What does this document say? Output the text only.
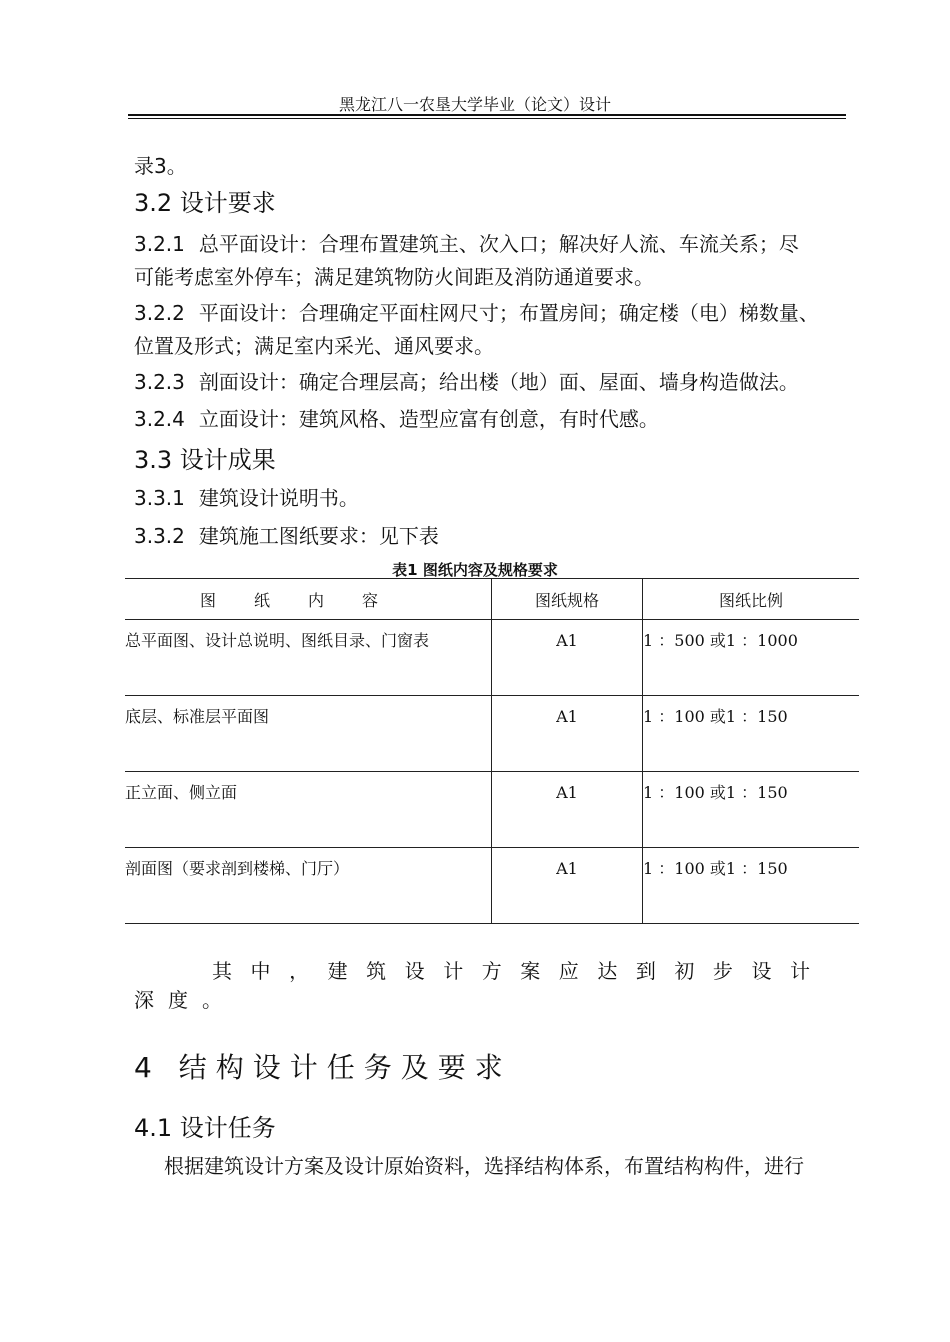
黑龙江八一农垦大学毕业（论文）设计
录3。
3.2 设计要求
3.2.1 总平面设计：合理布置建筑主、次入口；解决好人流、车流关系；尽
可能考虑室外停车；满足建筑物防火间距及消防通道要求。
3.2.2 平面设计：合理确定平面柱网尺寸；布置房间；确定楼（电）梯数量、
位置及形式；满足室内采光、通风要求。
3.2.3 剖面设计：确定合理层高；给出楼（地）面、屋面、墙身构造做法。
3.2.4 立面设计：建筑风格、造型应富有创意，有时代感。
3.3 设计成果
3.3.1 建筑设计说明书。
3.3.2 建筑施工图纸要求：见下表
表1 图纸内容及规格要求
图纸内容	图纸规格	图纸比例
总平面图、设计总说明、图纸目录、门窗表	A1	1 ：500 或1 ：1000
底层、标准层平面图	A1	1 ：100 或1 ：150
正立面、侧立面	A1	1 ：100 或1 ：150
剖面图（要求剖到楼梯、门厅）	A1	1 ：100 或1 ：150
其 中 ， 建 筑 设 计 方 案 应 达 到 初 步 设 计
深度。
4 结构设计任务及要求
4.1 设计任务
根据建筑设计方案及设计原始资料，选择结构体系，布置结构构件，进行
